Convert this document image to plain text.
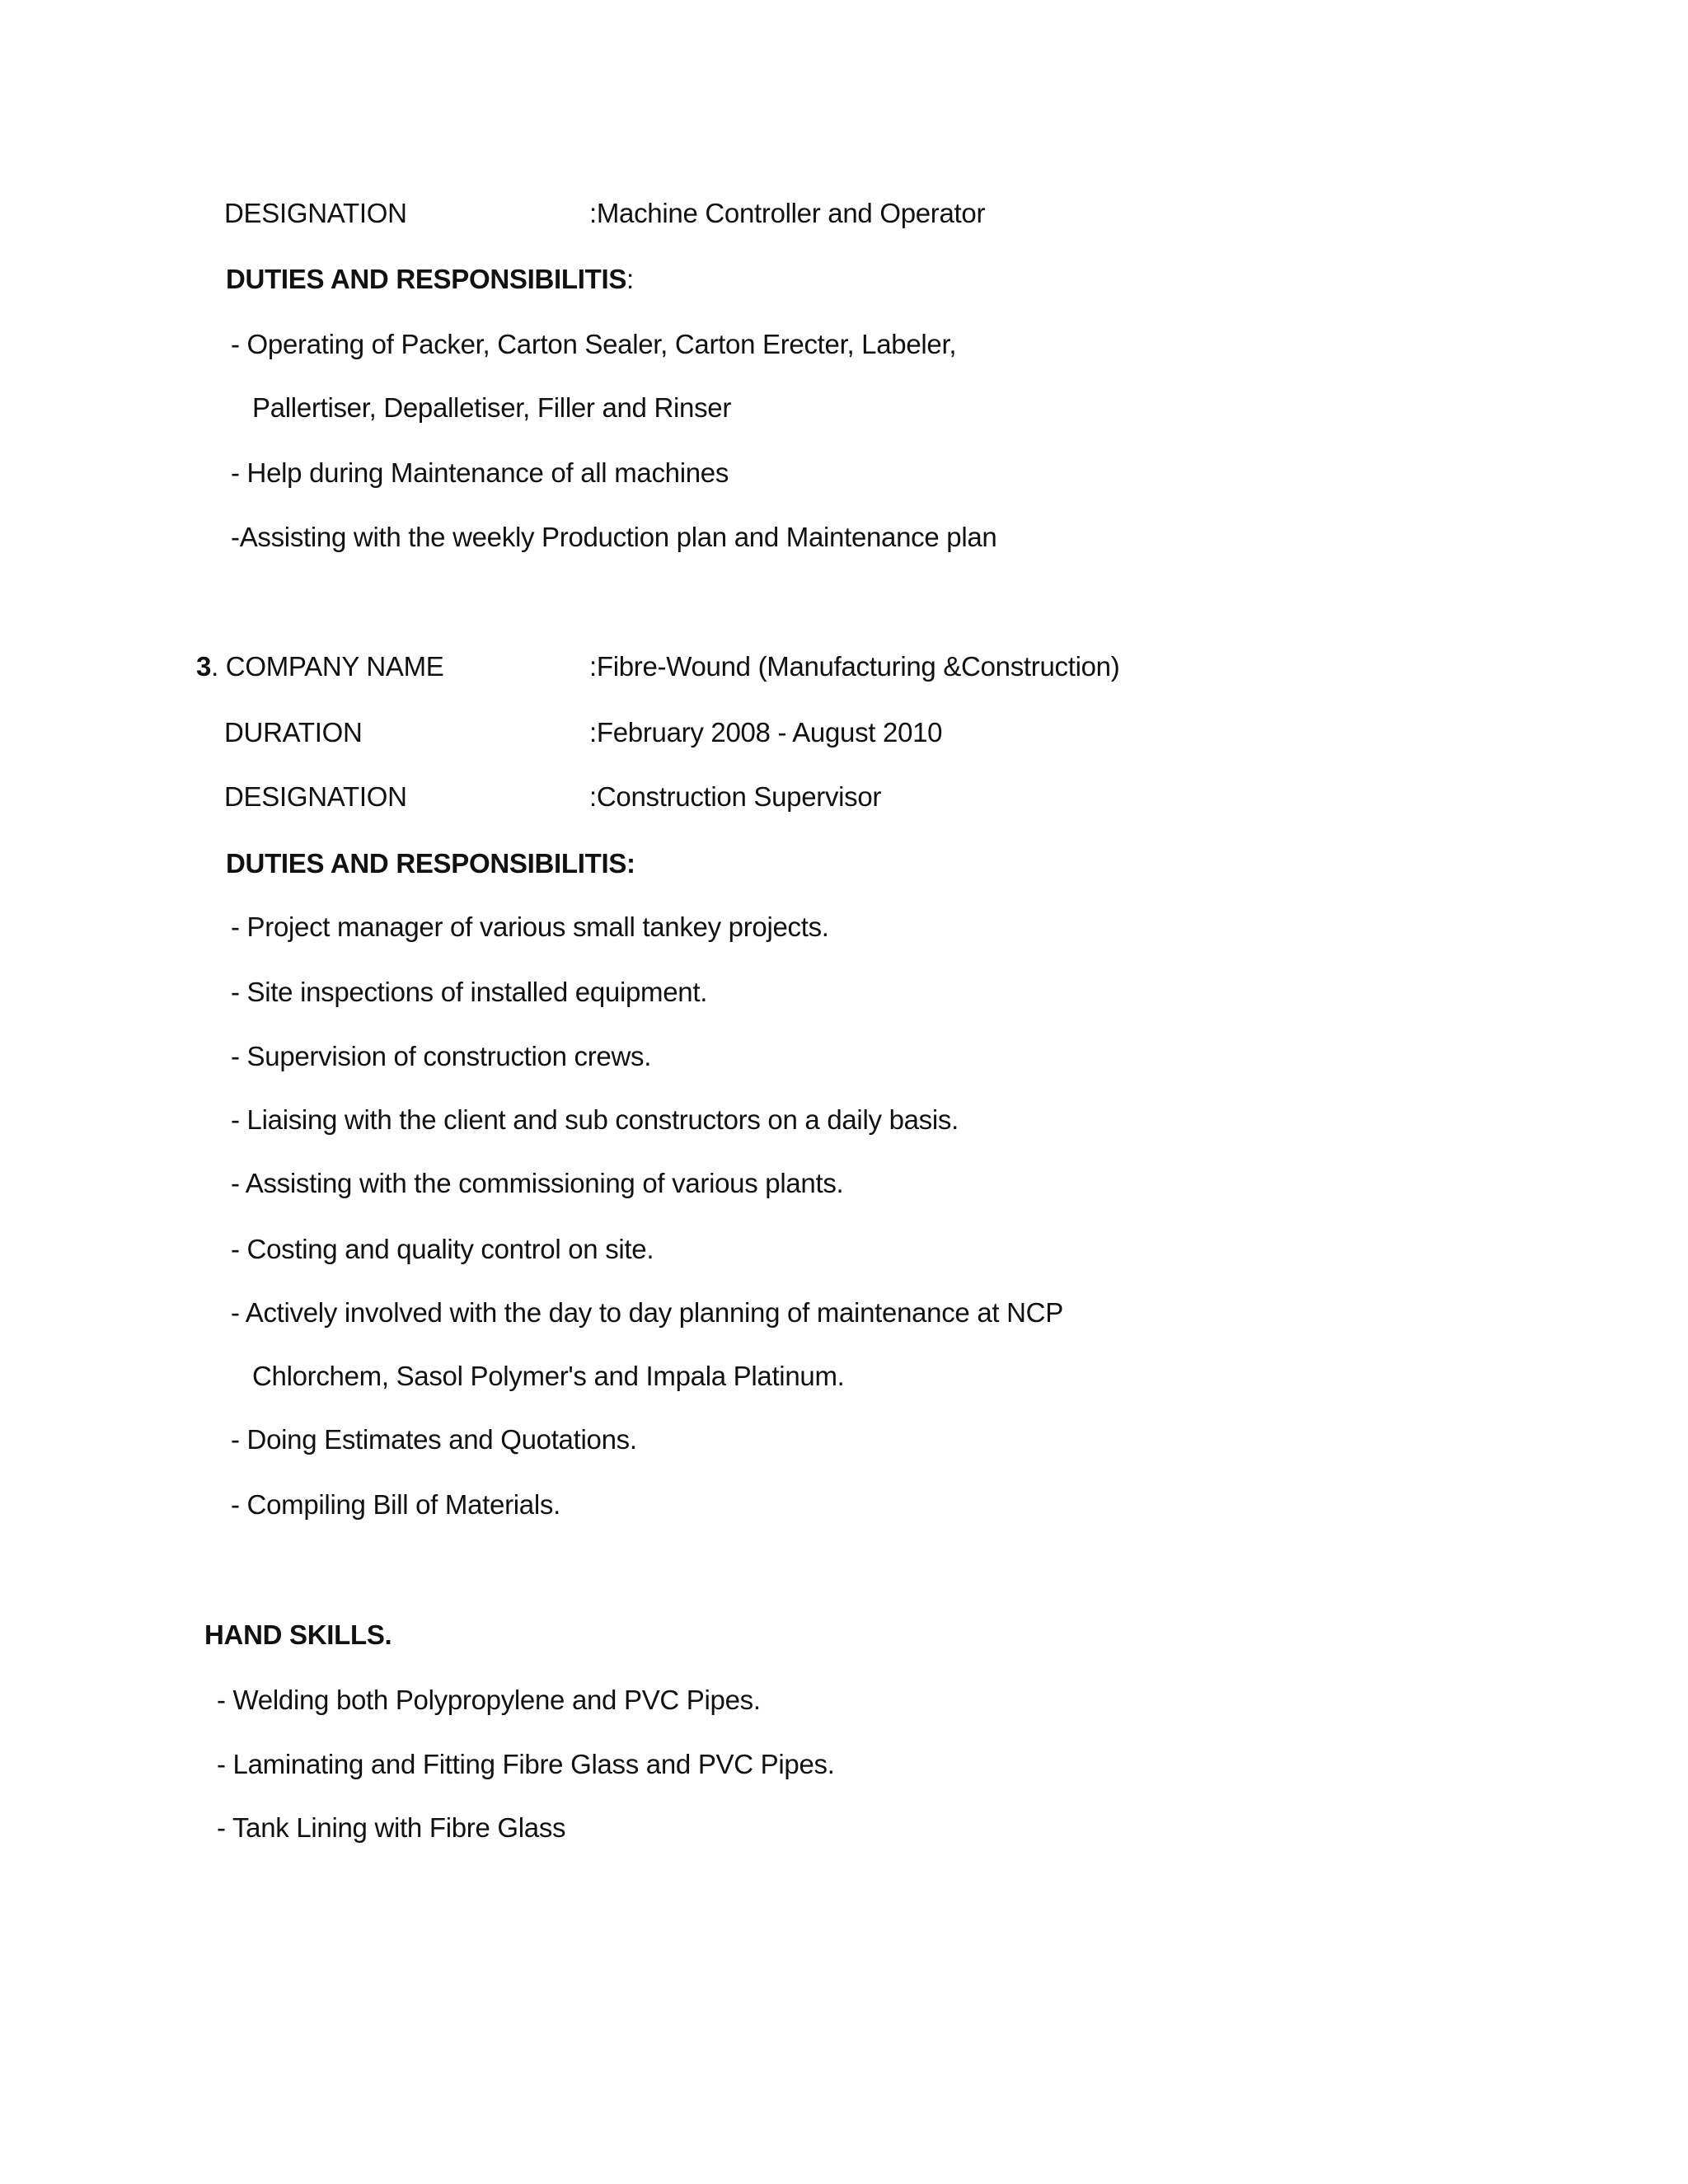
DESIGNATION	:Machine Controller and Operator
DUTIES AND RESPONSIBILITIS:
- Operating of Packer, Carton Sealer, Carton Erecter, Labeler,
Pallertiser, Depalletiser, Filler and Rinser
- Help during Maintenance of all machines
-Assisting with the weekly Production plan and Maintenance plan
3. COMPANY NAME	:Fibre-Wound (Manufacturing &Construction)
DURATION	:February 2008 - August 2010
DESIGNATION	:Construction Supervisor
DUTIES AND RESPONSIBILITIS:
- Project manager of various small tankey projects.
- Site inspections of installed equipment.
- Supervision of construction crews.
- Liaising with the client and sub constructors on a daily basis.
- Assisting with the commissioning of various plants.
- Costing and quality control on site.
- Actively involved with the day to day planning of maintenance at NCP
Chlorchem, Sasol Polymer's and Impala Platinum.
- Doing Estimates and Quotations.
- Compiling Bill of Materials.
HAND SKILLS.
- Welding both Polypropylene and PVC Pipes.
- Laminating and Fitting Fibre Glass and PVC Pipes.
- Tank Lining with Fibre Glass
